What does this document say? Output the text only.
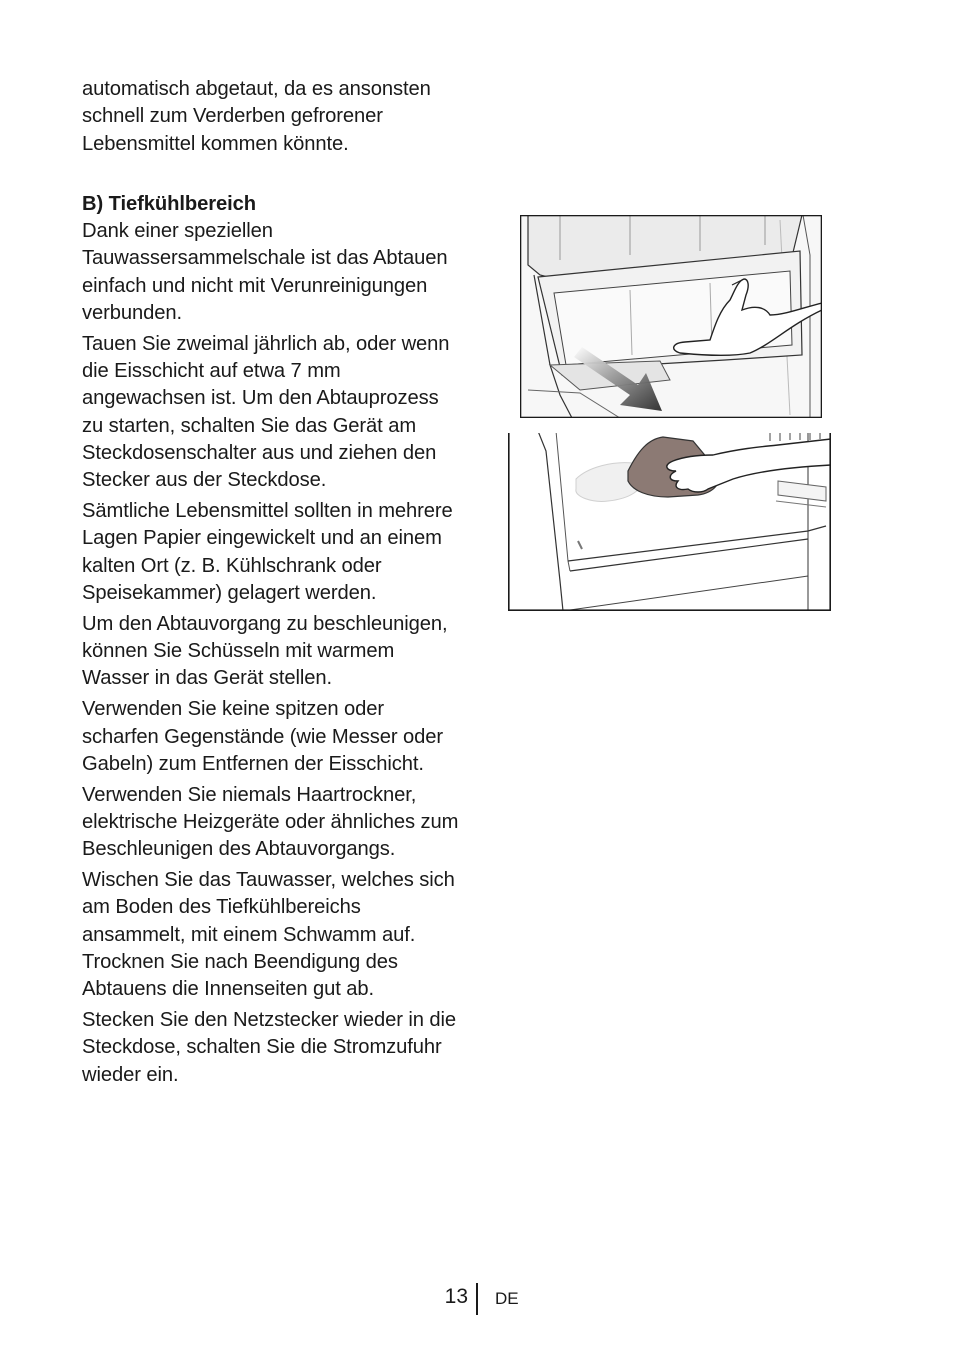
automatisch abgetaut, da es ansonsten schnell zum Verderben gefrorener Lebensmittel kommen könnte.

B) Tiefkühlbereich

Dank einer speziellen Tauwassersammelschale ist das Abtauen einfach und nicht mit Verunreinigungen verbunden.

Tauen Sie zweimal jährlich ab, oder wenn die Eisschicht auf etwa 7 mm angewachsen ist. Um den Abtauprozess zu starten, schalten Sie das Gerät am Steckdosenschalter aus und ziehen den Stecker aus der Steckdose.

Sämtliche Lebensmittel sollten in mehrere Lagen Papier eingewickelt und an einem kalten Ort (z. B. Kühlschrank oder Speisekammer) gelagert werden.

Um den Abtauvorgang zu beschleunigen, können Sie Schüsseln mit warmem Wasser in das Gerät stellen.

Verwenden Sie keine spitzen oder scharfen Gegenstände (wie Messer oder Gabeln) zum Entfernen der Eisschicht.

Verwenden Sie niemals Haartrockner, elektrische Heizgeräte oder ähnliches zum Beschleunigen des Abtauvorgangs.

Wischen Sie das Tauwasser, welches sich am Boden des Tiefkühlbereichs ansammelt, mit einem Schwamm auf. Trocknen Sie nach Beendigung des Abtauens die Innenseiten gut ab.

Stecken Sie den Netzstecker wieder in die Steckdose, schalten Sie die Stromzufuhr wieder ein.

13 DE
